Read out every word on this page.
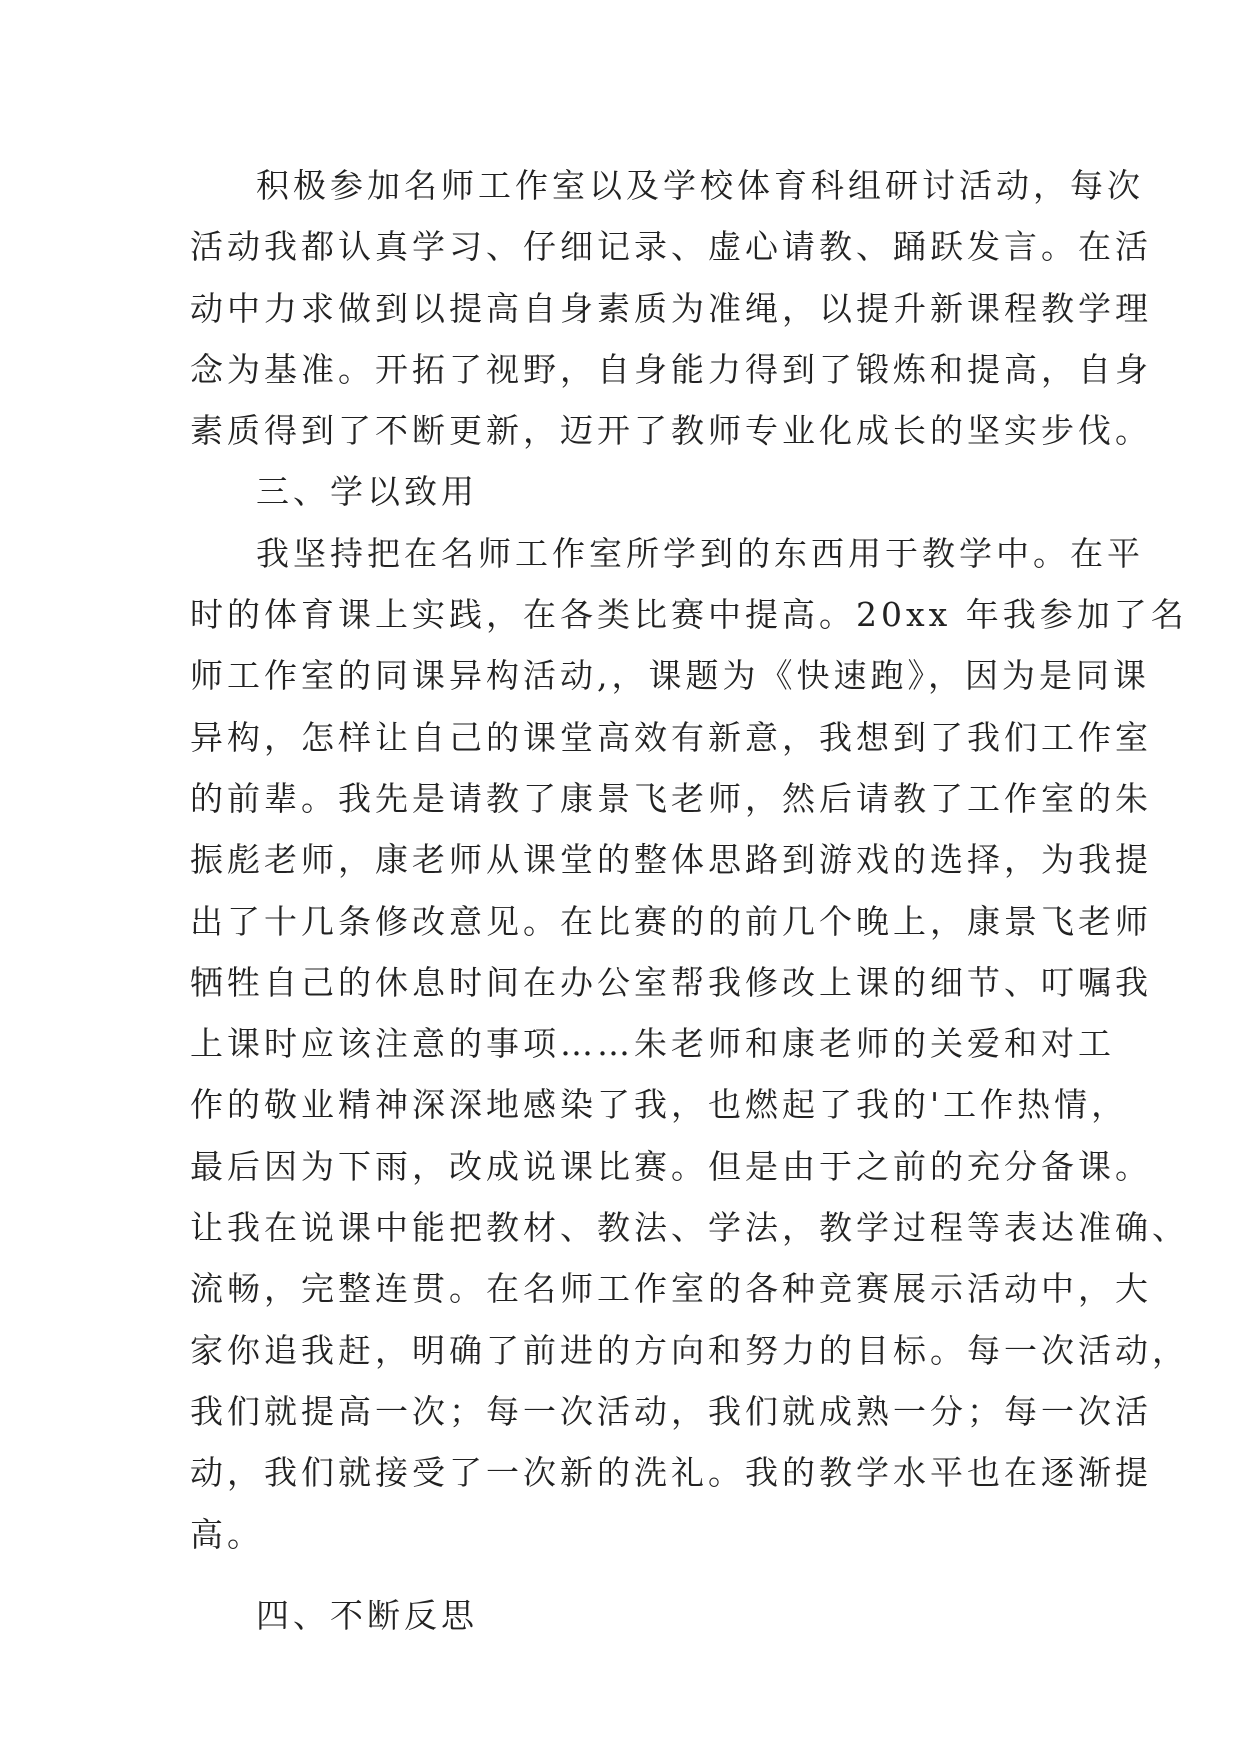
积极参加名师工作室以及学校体育科组研讨活动，每次
活动我都认真学习、仔细记录、虚心请教、踊跃发言。在活
动中力求做到以提高自身素质为准绳，以提升新课程教学理
念为基准。开拓了视野，自身能力得到了锻炼和提高，自身
素质得到了不断更新，迈开了教师专业化成长的坚实步伐。
三、学以致用
我坚持把在名师工作室所学到的东西用于教学中。在平
时的体育课上实践，在各类比赛中提高。20xx 年我参加了名
师工作室的同课异构活动,，课题为《快速跑》，因为是同课
异构，怎样让自己的课堂高效有新意，我想到了我们工作室
的前辈。我先是请教了康景飞老师，然后请教了工作室的朱
振彪老师，康老师从课堂的整体思路到游戏的选择，为我提
出了十几条修改意见。在比赛的的前几个晚上，康景飞老师
牺牲自己的休息时间在办公室帮我修改上课的细节、叮嘱我
上课时应该注意的事项……朱老师和康老师的关爱和对工
作的敬业精神深深地感染了我，也燃起了我的'工作热情，
最后因为下雨，改成说课比赛。但是由于之前的充分备课。
让我在说课中能把教材、教法、学法，教学过程等表达准确、
流畅，完整连贯。在名师工作室的各种竞赛展示活动中，大
家你追我赶，明确了前进的方向和努力的目标。每一次活动，
我们就提高一次；每一次活动，我们就成熟一分；每一次活
动，我们就接受了一次新的洗礼。我的教学水平也在逐渐提
高。
四、不断反思
